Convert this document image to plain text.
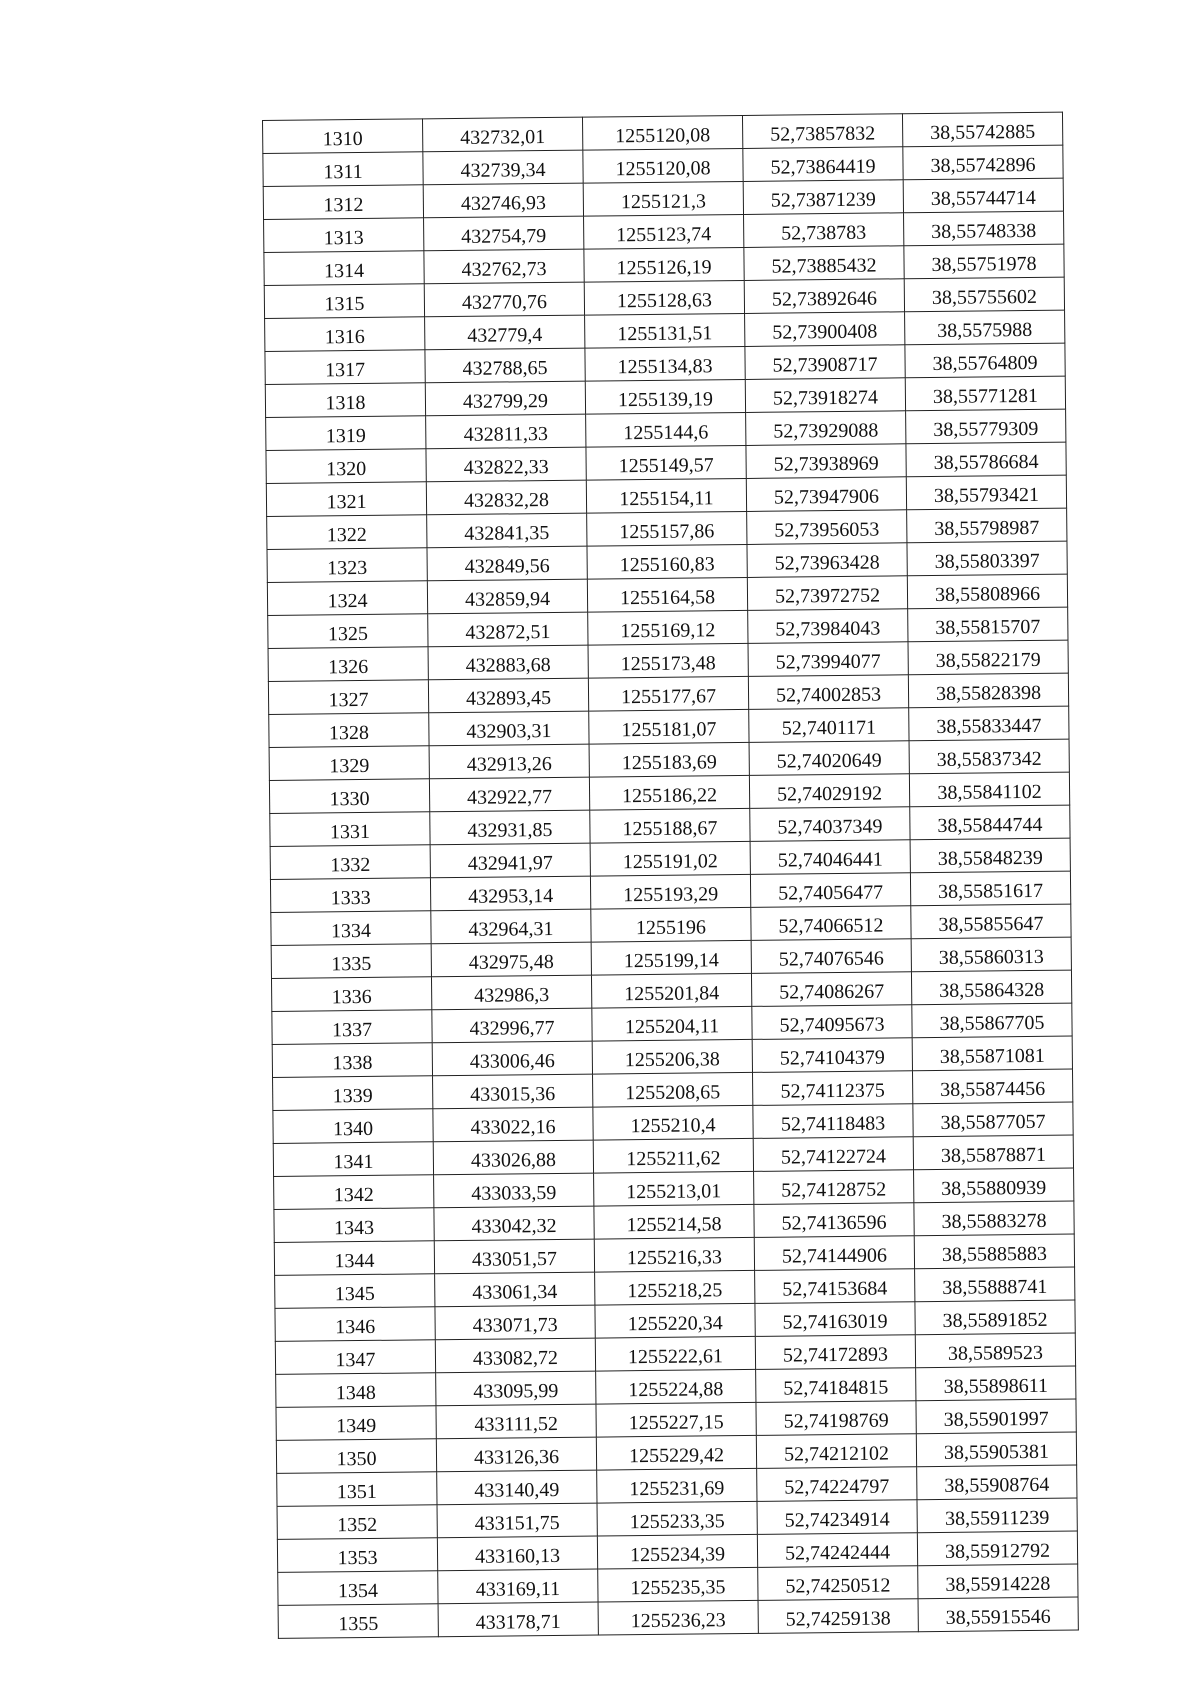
1310	432732,01	1255120,08	52,73857832	38,55742885
1311	432739,34	1255120,08	52,73864419	38,55742896
1312	432746,93	1255121,3	52,73871239	38,55744714
1313	432754,79	1255123,74	52,738783	38,55748338
1314	432762,73	1255126,19	52,73885432	38,55751978
1315	432770,76	1255128,63	52,73892646	38,55755602
1316	432779,4	1255131,51	52,73900408	38,5575988
1317	432788,65	1255134,83	52,73908717	38,55764809
1318	432799,29	1255139,19	52,73918274	38,55771281
1319	432811,33	1255144,6	52,73929088	38,55779309
1320	432822,33	1255149,57	52,73938969	38,55786684
1321	432832,28	1255154,11	52,73947906	38,55793421
1322	432841,35	1255157,86	52,73956053	38,55798987
1323	432849,56	1255160,83	52,73963428	38,55803397
1324	432859,94	1255164,58	52,73972752	38,55808966
1325	432872,51	1255169,12	52,73984043	38,55815707
1326	432883,68	1255173,48	52,73994077	38,55822179
1327	432893,45	1255177,67	52,74002853	38,55828398
1328	432903,31	1255181,07	52,7401171	38,55833447
1329	432913,26	1255183,69	52,74020649	38,55837342
1330	432922,77	1255186,22	52,74029192	38,55841102
1331	432931,85	1255188,67	52,74037349	38,55844744
1332	432941,97	1255191,02	52,74046441	38,55848239
1333	432953,14	1255193,29	52,74056477	38,55851617
1334	432964,31	1255196	52,74066512	38,55855647
1335	432975,48	1255199,14	52,74076546	38,55860313
1336	432986,3	1255201,84	52,74086267	38,55864328
1337	432996,77	1255204,11	52,74095673	38,55867705
1338	433006,46	1255206,38	52,74104379	38,55871081
1339	433015,36	1255208,65	52,74112375	38,55874456
1340	433022,16	1255210,4	52,74118483	38,55877057
1341	433026,88	1255211,62	52,74122724	38,55878871
1342	433033,59	1255213,01	52,74128752	38,55880939
1343	433042,32	1255214,58	52,74136596	38,55883278
1344	433051,57	1255216,33	52,74144906	38,55885883
1345	433061,34	1255218,25	52,74153684	38,55888741
1346	433071,73	1255220,34	52,74163019	38,55891852
1347	433082,72	1255222,61	52,74172893	38,5589523
1348	433095,99	1255224,88	52,74184815	38,55898611
1349	433111,52	1255227,15	52,74198769	38,55901997
1350	433126,36	1255229,42	52,74212102	38,55905381
1351	433140,49	1255231,69	52,74224797	38,55908764
1352	433151,75	1255233,35	52,74234914	38,55911239
1353	433160,13	1255234,39	52,74242444	38,55912792
1354	433169,11	1255235,35	52,74250512	38,55914228
1355	433178,71	1255236,23	52,74259138	38,55915546
